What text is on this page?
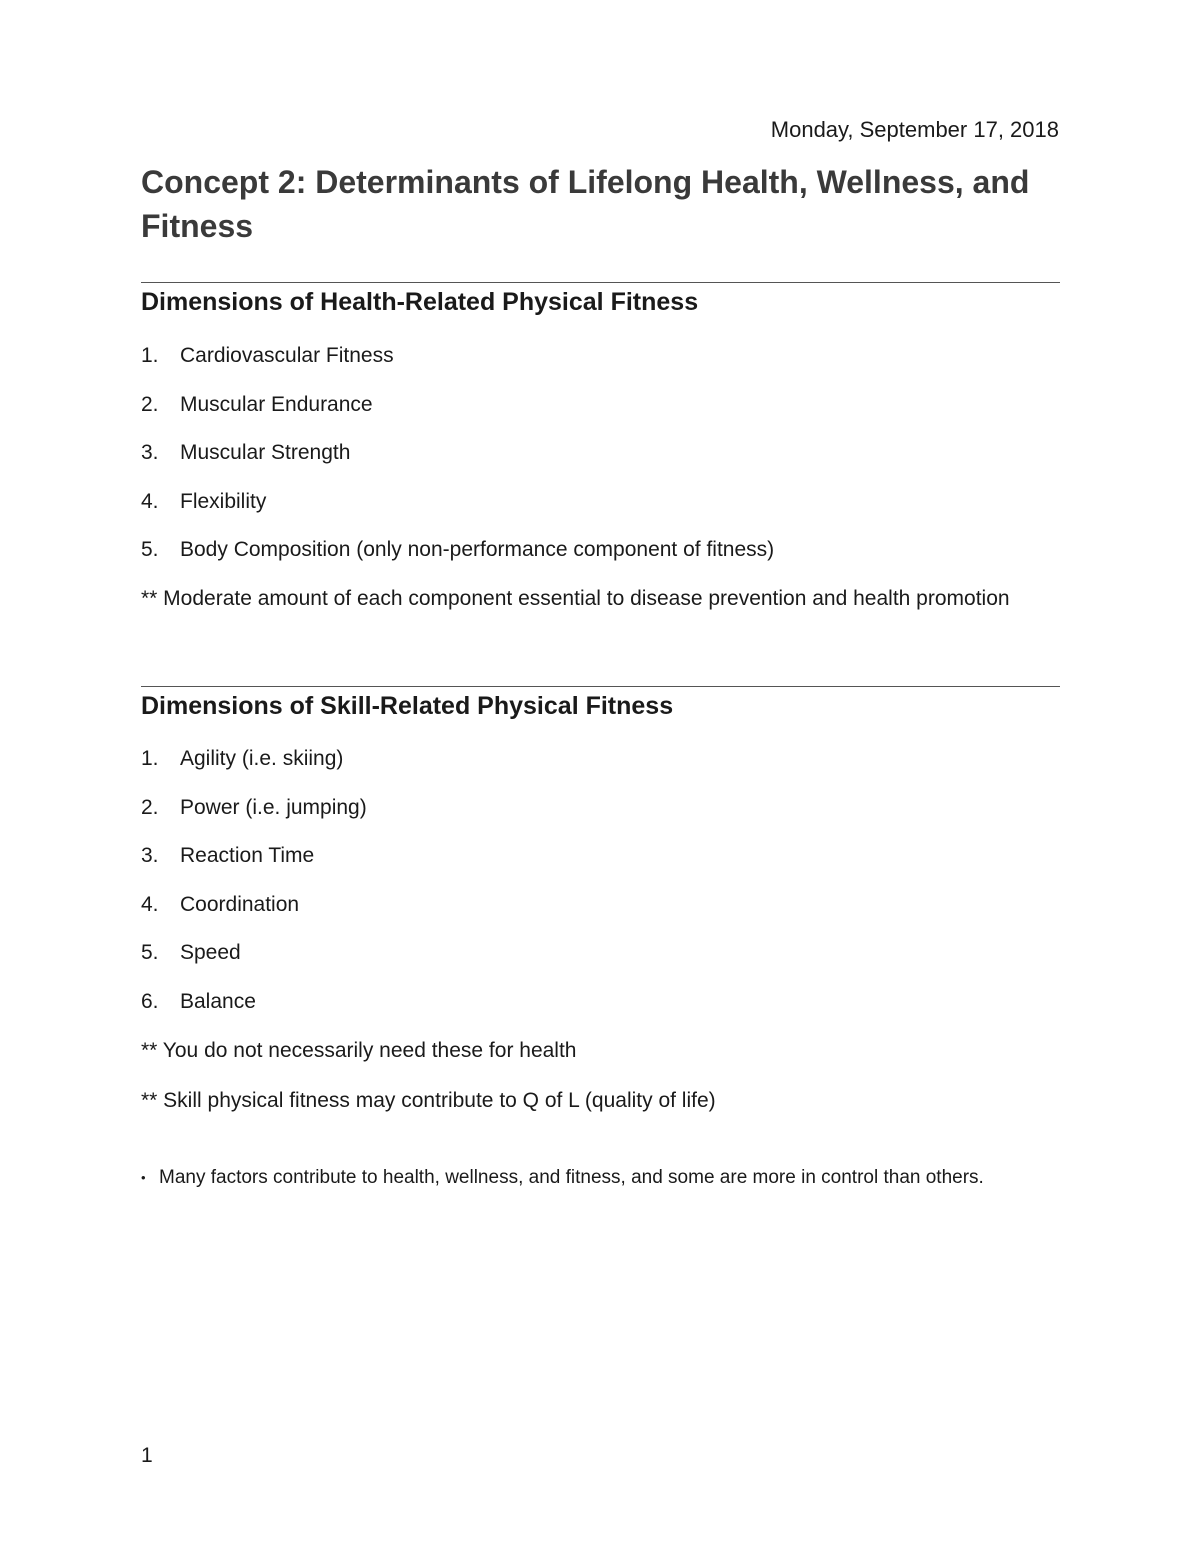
Monday, September 17, 2018
Concept 2: Determinants of Lifelong Health, Wellness, and Fitness
Dimensions of Health-Related Physical Fitness
1. Cardiovascular Fitness
2. Muscular Endurance
3. Muscular Strength
4. Flexibility
5. Body Composition (only non-performance component of fitness)

** Moderate amount of each component essential to disease prevention and health promotion

Dimensions of Skill-Related Physical Fitness
1. Agility (i.e. skiing)
2. Power (i.e. jumping)
3. Reaction Time
4. Coordination
5. Speed
6. Balance

** You do not necessarily need these for health

** Skill physical fitness may contribute to Q of L (quality of life)

• Many factors contribute to health, wellness, and fitness, and some are more in control than others.
1
